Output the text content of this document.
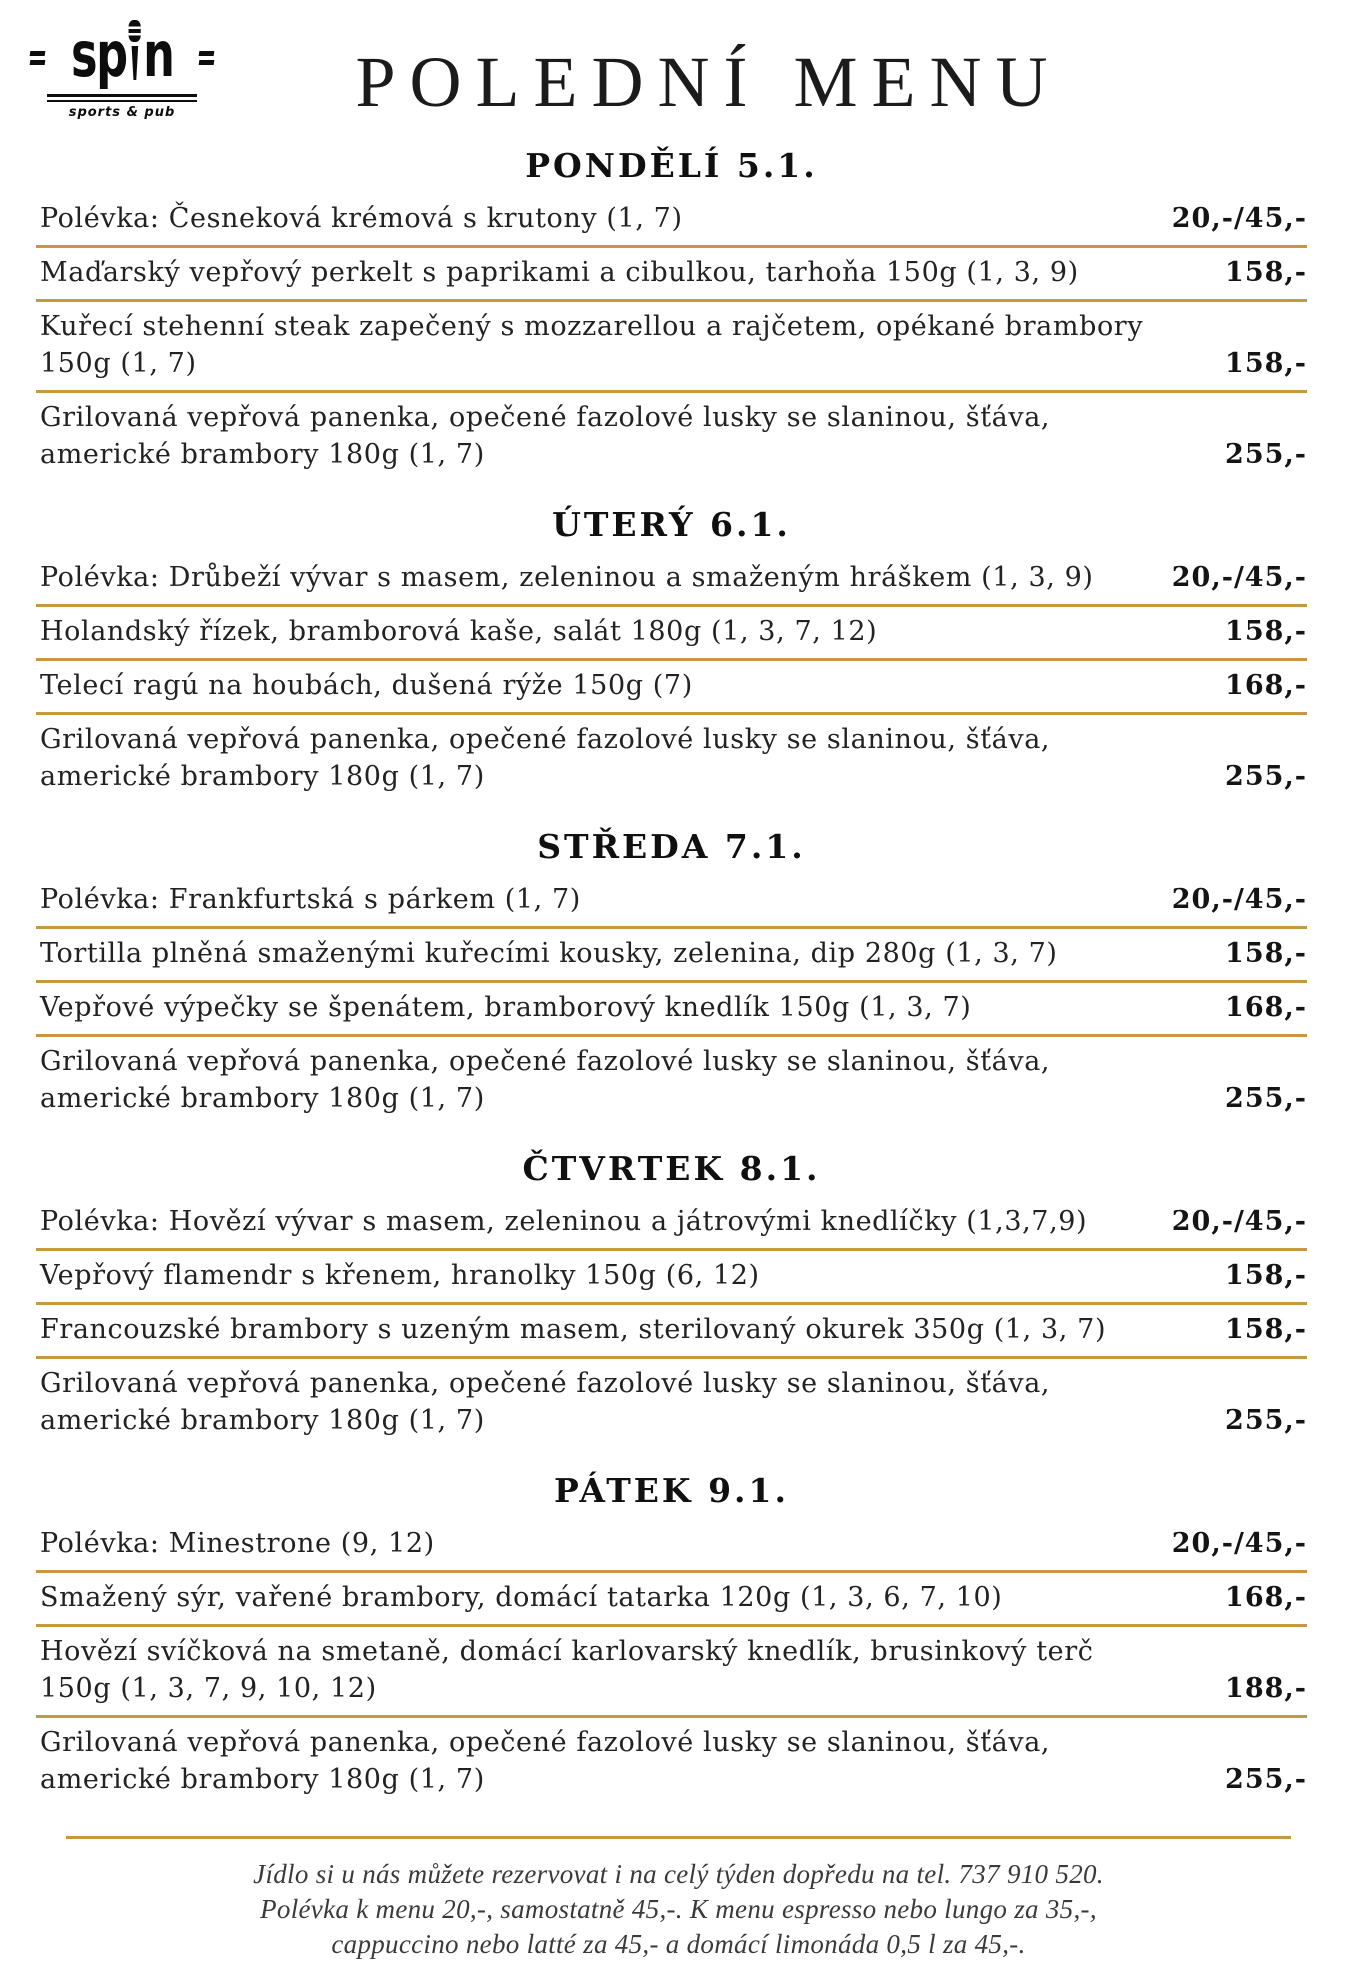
sp n
sports & pub	POLEDNÍ MENU
PONDĚLÍ 5.1.
Polévka: Česneková krémová s krutony (1, 7)	20,-/45,-
Maďarský vepřový perkelt s paprikami a cibulkou, tarhoňa 150g (1, 3, 9)	158,-
Kuřecí stehenní steak zapečený s mozzarellou a rajčetem, opékané brambory
150g (1, 7)	158,-
Grilovaná vepřová panenka, opečené fazolové lusky se slaninou, šťáva,
americké brambory 180g (1, 7)	255,-
ÚTERÝ 6.1.
Polévka: Drůbeží vývar s masem, zeleninou a smaženým hráškem (1, 3, 9)	20,-/45,-
Holandský řízek, bramborová kaše, salát 180g (1, 3, 7, 12)	158,-
Telecí ragú na houbách, dušená rýže 150g (7)	168,-
Grilovaná vepřová panenka, opečené fazolové lusky se slaninou, šťáva,
americké brambory 180g (1, 7)	255,-
STŘEDA 7.1.
Polévka: Frankfurtská s párkem (1, 7)	20,-/45,-
Tortilla plněná smaženými kuřecími kousky, zelenina, dip 280g (1, 3, 7)	158,-
Vepřové výpečky se špenátem, bramborový knedlík 150g (1, 3, 7)	168,-
Grilovaná vepřová panenka, opečené fazolové lusky se slaninou, šťáva,
americké brambory 180g (1, 7)	255,-
ČTVRTEK 8.1.
Polévka: Hovězí vývar s masem, zeleninou a játrovými knedlíčky (1,3,7,9)	20,-/45,-
Vepřový flamendr s křenem, hranolky 150g (6, 12)	158,-
Francouzské brambory s uzeným masem, sterilovaný okurek 350g (1, 3, 7)	158,-
Grilovaná vepřová panenka, opečené fazolové lusky se slaninou, šťáva,
americké brambory 180g (1, 7)	255,-
PÁTEK 9.1.
Polévka: Minestrone (9, 12)	20,-/45,-
Smažený sýr, vařené brambory, domácí tatarka 120g (1, 3, 6, 7, 10)	168,-
Hovězí svíčková na smetaně, domácí karlovarský knedlík, brusinkový terč
150g (1, 3, 7, 9, 10, 12)	188,-
Grilovaná vepřová panenka, opečené fazolové lusky se slaninou, šťáva,
americké brambory 180g (1, 7)	255,-

Jídlo si u nás můžete rezervovat i na celý týden dopředu na tel. 737 910 520.

Polévka k menu 20,-, samostatně 45,-. K menu espresso nebo lungo za 35,-,

cappuccino nebo latté za 45,- a domácí limonáda 0,5 l za 45,-.
